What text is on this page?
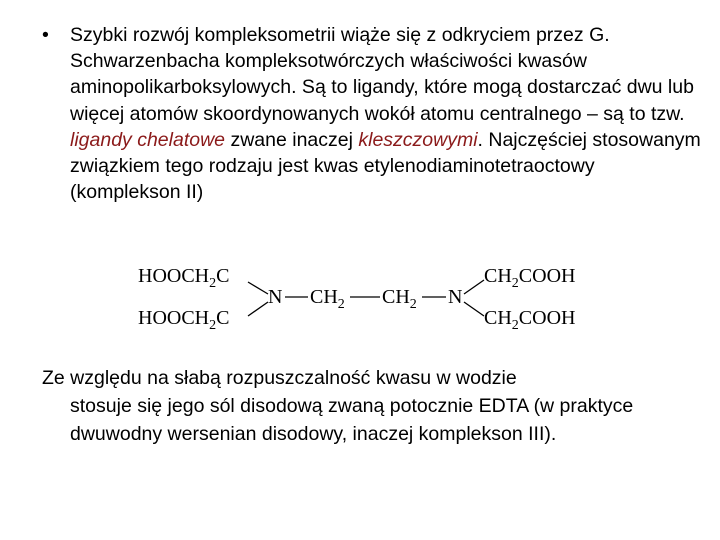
• Szybki rozwój kompleksometrii wiąże się z odkryciem przez G. Schwarzenbacha kompleksotwórczych właściwości kwasów aminopolikarboksylowych. Są to ligandy, które mogą dostarczać dwu lub więcej atomów skoordynowanych wokół atomu centralnego – są to tzw. ligandy chelatowe zwane inaczej kleszczowymi. Najczęściej stosowanym związkiem tego rodzaju jest kwas etylenodiaminotetraoctowy (komplekson II)
$HOOCH_2C$
$HOOCH_2C$
N $CH_2$ $CH_2$ N
$CH_2COOH$
$CH_2COOH$
Ze względu na słabą rozpuszczalność kwasu w wodzie
stosuje się jego sól disodową zwaną potocznie EDTA (w praktyce dwuwodny wersenian disodowy, inaczej komplekson III).
